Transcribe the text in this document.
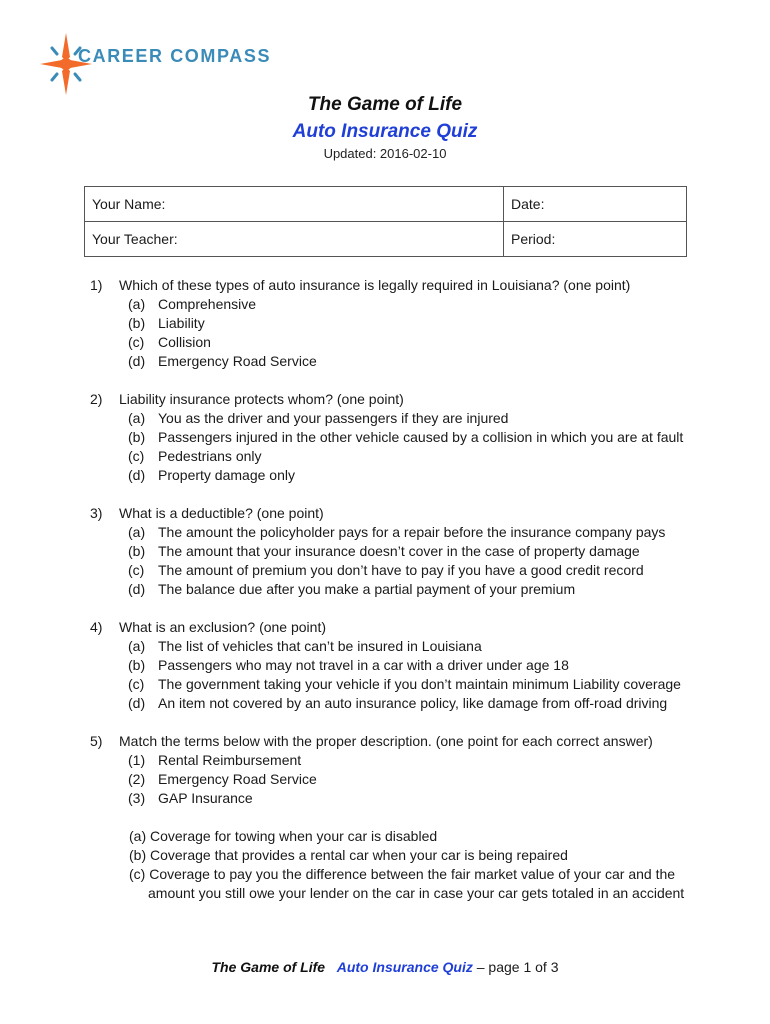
CAREER COMPASS
The Game of Life
Auto Insurance Quiz
Updated: 2016-02-10
Your Name:	Date:
Your Teacher:	Period:
1)	Which of these types of auto insurance is legally required in Louisiana? (one point)
(a) Comprehensive
(b) Liability
(c) Collision
(d) Emergency Road Service
2)	Liability insurance protects whom? (one point)
(a) You as the driver and your passengers if they are injured
(b) Passengers injured in the other vehicle caused by a collision in which you are at fault
(c) Pedestrians only
(d) Property damage only
3)	What is a deductible? (one point)
(a) The amount the policyholder pays for a repair before the insurance company pays
(b) The amount that your insurance doesn’t cover in the case of property damage
(c) The amount of premium you don’t have to pay if you have a good credit record
(d) The balance due after you make a partial payment of your premium
4)	What is an exclusion? (one point)
(a) The list of vehicles that can’t be insured in Louisiana
(b) Passengers who may not travel in a car with a driver under age 18
(c) The government taking your vehicle if you don’t maintain minimum Liability coverage
(d) An item not covered by an auto insurance policy, like damage from off-road driving
5)	Match the terms below with the proper description. (one point for each correct answer)
(1) Rental Reimbursement
(2) Emergency Road Service
(3) GAP Insurance
(a) Coverage for towing when your car is disabled
(b) Coverage that provides a rental car when your car is being repaired
(c) Coverage to pay you the difference between the fair market value of your car and the
amount you still owe your lender on the car in case your car gets totaled in an accident
The Game of Life Auto Insurance Quiz – page 1 of 3
